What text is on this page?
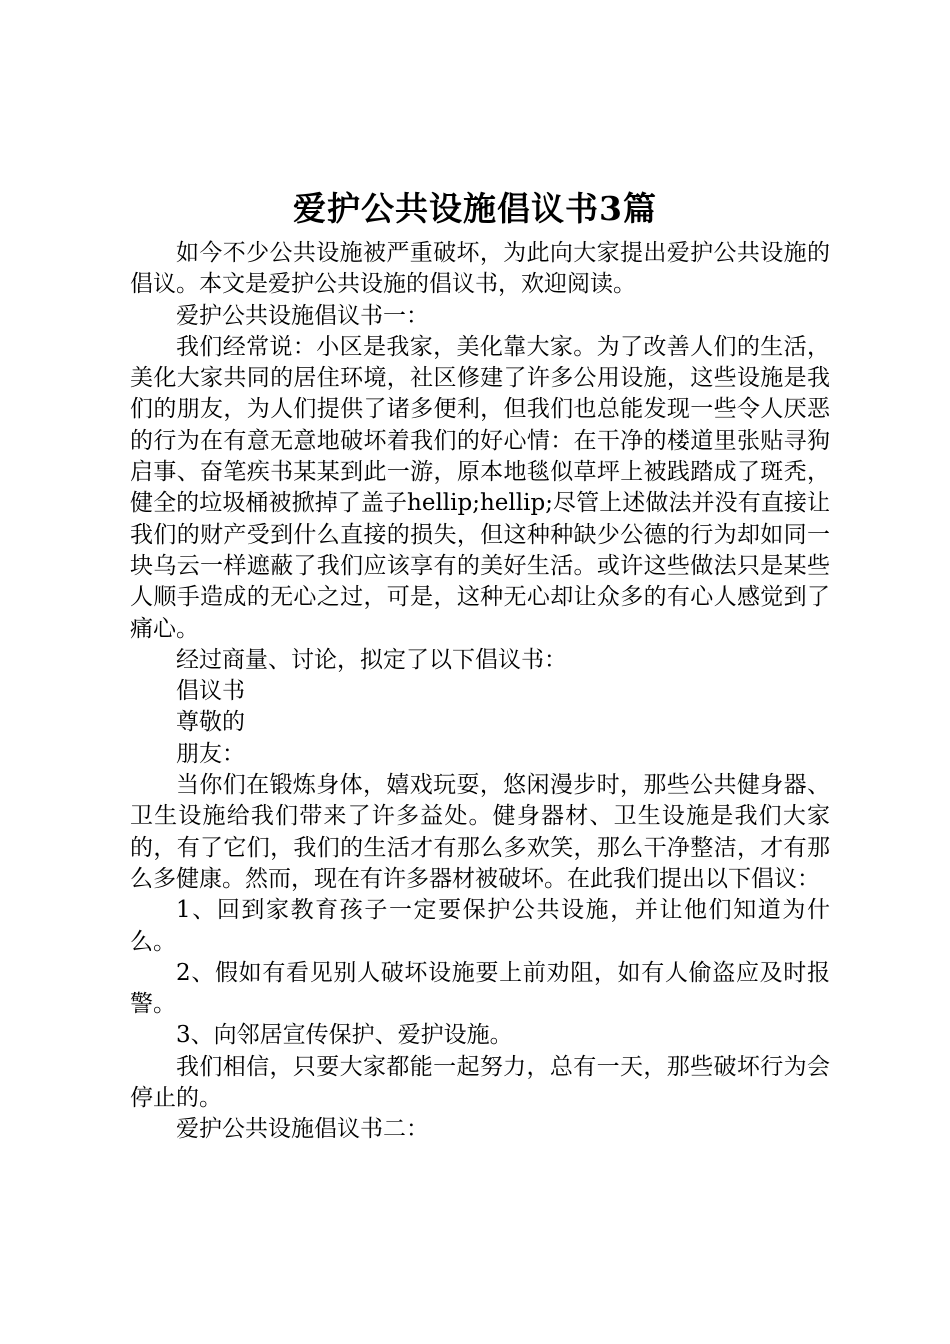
爱护公共设施倡议书3篇

如今不少公共设施被严重破坏，为此向大家提出爱护公共设施的倡议。本文是爱护公共设施的倡议书，欢迎阅读。

爱护公共设施倡议书一：

我们经常说：小区是我家，美化靠大家。为了改善人们的生活，美化大家共同的居住环境，社区修建了许多公用设施，这些设施是我们的朋友，为人们提供了诸多便利，但我们也总能发现一些令人厌恶的行为在有意无意地破坏着我们的好心情：在干净的楼道里张贴寻狗启事、奋笔疾书某某到此一游，原本地毯似草坪上被践踏成了斑秃，健全的垃圾桶被掀掉了盖子hellip;hellip;尽管上述做法并没有直接让我们的财产受到什么直接的损失，但这种种缺少公德的行为却如同一块乌云一样遮蔽了我们应该享有的美好生活。或许这些做法只是某些人顺手造成的无心之过，可是，这种无心却让众多的有心人感觉到了痛心。

经过商量、讨论，拟定了以下倡议书：

倡议书

尊敬的

朋友：

当你们在锻炼身体，嬉戏玩耍，悠闲漫步时，那些公共健身器、卫生设施给我们带来了许多益处。健身器材、卫生设施是我们大家的，有了它们，我们的生活才有那么多欢笑，那么干净整洁，才有那么多健康。然而，现在有许多器材被破坏。在此我们提出以下倡议：

1、回到家教育孩子一定要保护公共设施，并让他们知道为什么。

2、假如有看见别人破坏设施要上前劝阻，如有人偷盗应及时报警。

3、向邻居宣传保护、爱护设施。

我们相信，只要大家都能一起努力，总有一天，那些破坏行为会停止的。

爱护公共设施倡议书二：
